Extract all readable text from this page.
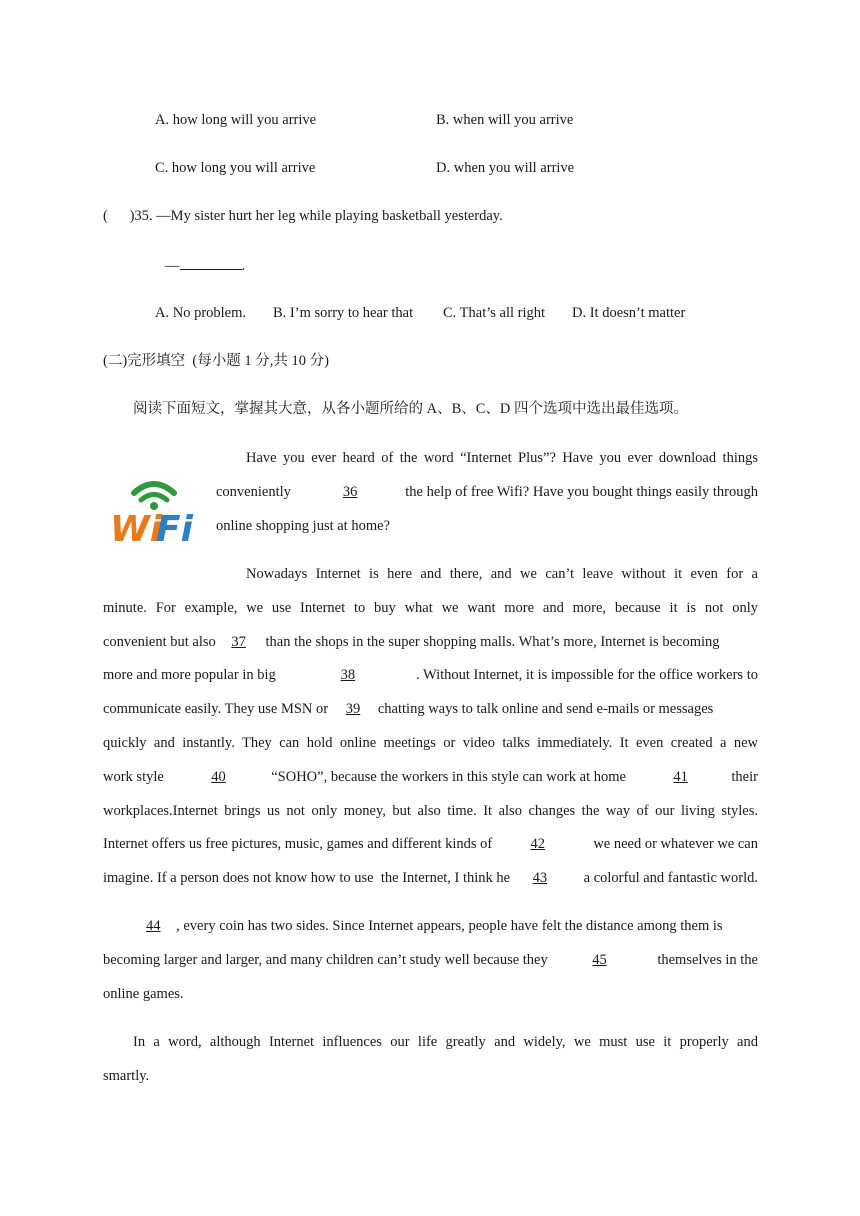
A. how long will you arrive	B. when will you arrive
C. how long you will arrive	D. when you will arrive
(      )35. —My sister hurt her leg while playing basketball yesterday.
—	.
A. No problem. B. I’m sorry to hear that C. That’s all right D. It doesn’t matter
(二)完形填空  (每小题 1 分,共 10 分)
阅读下面短文，掌握其大意，从各小题所给的 A、B、C、D 四个选项中选出最佳选项。
Wi
Fi
Have you ever heard of the word “Internet Plus”? Have you ever download things
conveniently	36	the help of free Wifi? Have you bought things easily through
online shopping just at home?
Nowadays Internet is here and there, and we can’t leave without it even for a
minute. For example, we use Internet to buy what we want more and more, because it is not only
convenient but also 37 than the shops in the super shopping malls. What’s more, Internet is becoming
more and more popular in big	38	. Without Internet, it is impossible for the office workers to
communicate easily. They use MSN or 39 chatting ways to talk online and send e-mails or messages
quickly and instantly. They can hold online meetings or video talks immediately. It even created a new
work style	40	“SOHO”, because the workers in this style can work at home	41	their
workplaces.Internet brings us not only money, but also time. It also changes the way of our living styles.
Internet offers us free pictures, music, games and different kinds of	42	we need or whatever we can
imagine. If a person does not know how to use  the Internet, I think he 43	a colorful and fantastic world.
44 , every coin has two sides. Since Internet appears, people have felt the distance among them is
becoming larger and larger, and many children can’t study well because they	45	themselves in the
online games.
In a word, although Internet influences our life greatly and widely, we must use it properly and
smartly.
